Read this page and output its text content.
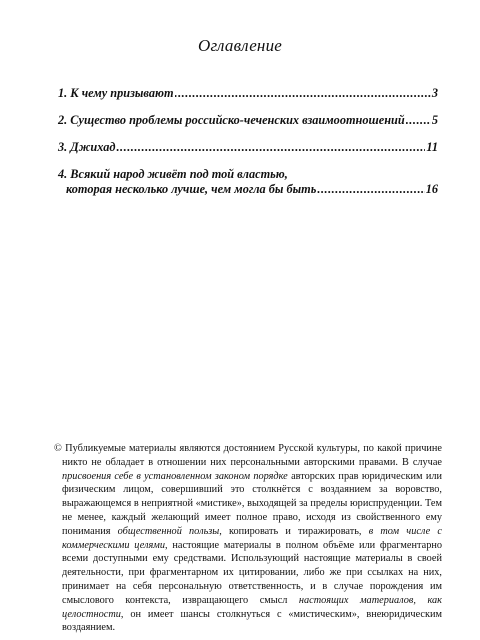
Оглавление
1. К чему призывают .....	3
2. Существо проблемы российско-чеченских взаимоотношений ..... 5
3. Джихад .....	11
4. Всякий народ живёт под той властью,
которая несколько лучше, чем могла бы быть .....	16

© Публикуемые материалы являются достоянием Русской культуры, по какой причине никто не обладает в отношении них персональными авторскими правами. В случае присвоения себе в установленном законом порядке авторских прав юридическим или физическим лицом, совершивший это столкнётся с воздаянием за воровство, выражающемся в неприятной «мистике», выходящей за пределы юриспруденции. Тем не менее, каждый желающий имеет полное право, исходя из свойственного ему понимания общественной пользы, копировать и тиражировать, в том числе с коммерческими целями, настоящие материалы в полном объёме или фрагментарно всеми доступными ему средствами. Использующий настоящие материалы в своей деятельности, при фрагментарном их цитировании, либо же при ссылках на них, принимает на себя персональную ответственность, и в случае порождения им смыслового контекста, извращающего смысл настоящих материалов, как целостности, он имеет шансы столкнуться с «мистическим», внеюридическим воздаянием.
